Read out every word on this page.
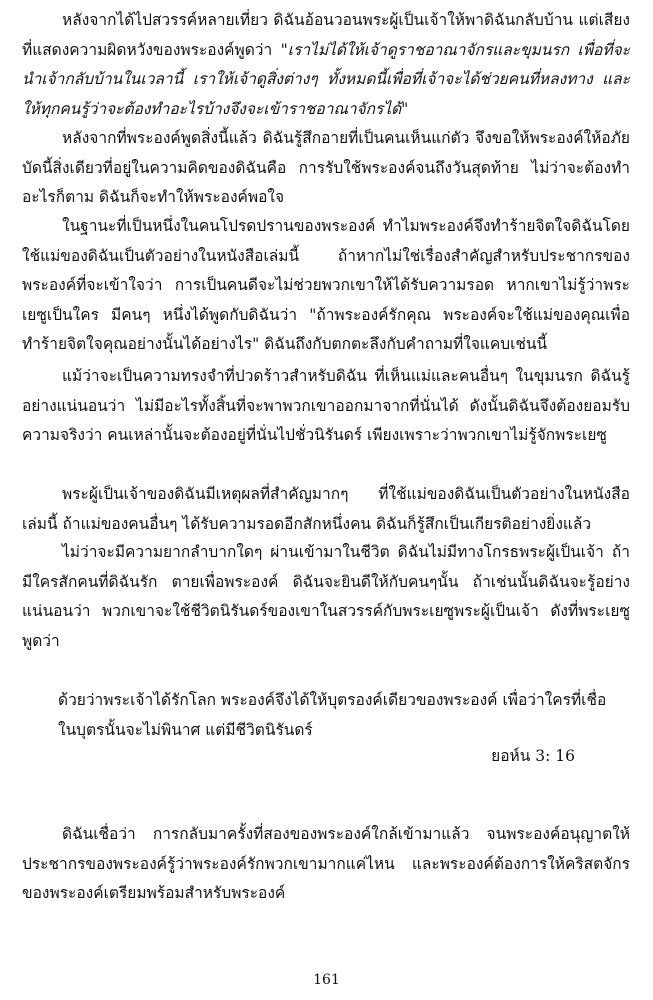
หลังจากได้ไปสวรรค์หลายเที่ยว ดิฉันอ้อนวอนพระผู้เป็นเจ้าให้พาดิฉันกลับบ้าน แต่เสียงที่แสดงความผิดหวังของพระองค์พูดว่า "เราไม่ได้ให้เจ้าดูราชอาณาจักรและขุมนรก เพื่อที่จะนำเจ้ากลับบ้านในเวลานี้ เราให้เจ้าดูสิ่งต่างๆ ทั้งหมดนี้เพื่อที่เจ้าจะได้ช่วยคนที่หลงทาง และให้ทุกคนรู้ว่าจะต้องทำอะไรบ้างจึงจะเข้าราชอาณาจักรได้"

หลังจากที่พระองค์พูดสิ่งนี้แล้ว ดิฉันรู้สึกอายที่เป็นคนเห็นแก่ตัว จึงขอให้พระองค์ให้อภัย บัดนี้สิ่งเดียวที่อยู่ในความคิดของดิฉันคือ การรับใช้พระองค์จนถึงวันสุดท้าย ไม่ว่าจะต้องทำอะไรก็ตาม ดิฉันก็จะทำให้พระองค์พอใจ

ในฐานะที่เป็นหนึ่งในคนโปรดปรานของพระองค์ ทำไมพระองค์จึงทำร้ายจิตใจดิฉันโดยใช้แม่ของดิฉันเป็นตัวอย่างในหนังสือเล่มนี้ ถ้าหากไม่ใช่เรื่องสำคัญสำหรับประชากรของพระองค์ที่จะเข้าใจว่า การเป็นคนดีจะไม่ช่วยพวกเขาให้ได้รับความรอด หากเขาไม่รู้ว่าพระเยซูเป็นใคร มีคนๆ หนึ่งได้พูดกับดิฉันว่า "ถ้าพระองค์รักคุณ พระองค์จะใช้แม่ของคุณเพื่อทำร้ายจิตใจคุณอย่างนั้นได้อย่างไร" ดิฉันถึงกับตกตะลึงกับคำถามที่ใจแคบเช่นนี้

แม้ว่าจะเป็นความทรงจำที่ปวดร้าวสำหรับดิฉัน ที่เห็นแม่และคนอื่นๆ ในขุมนรก ดิฉันรู้อย่างแน่นอนว่า ไม่มีอะไรทั้งสิ้นที่จะพาพวกเขาออกมาจากที่นั่นได้ ดังนั้นดิฉันจึงต้องยอมรับความจริงว่า คนเหล่านั้นจะต้องอยู่ที่นั่นไปชั่วนิรันดร์ เพียงเพราะว่าพวกเขาไม่รู้จักพระเยซู

พระผู้เป็นเจ้าของดิฉันมีเหตุผลที่สำคัญมากๆ ที่ใช้แม่ของดิฉันเป็นตัวอย่างในหนังสือเล่มนี้ ถ้าแม่ของคนอื่นๆ ได้รับความรอดอีกสักหนึ่งคน ดิฉันก็รู้สึกเป็นเกียรติอย่างยิ่งแล้ว

ไม่ว่าจะมีความยากลำบากใดๆ ผ่านเข้ามาในชีวิต ดิฉันไม่มีทางโกรธพระผู้เป็นเจ้า ถ้ามีใครสักคนที่ดิฉันรัก ตายเพื่อพระองค์ ดิฉันจะยินดีให้กับคนๆนั้น ถ้าเช่นนั้นดิฉันจะรู้อย่างแน่นอนว่า พวกเขาจะใช้ชีวิตนิรันดร์ของเขาในสวรรค์กับพระเยซูพระผู้เป็นเจ้า ดังที่พระเยซูพูดว่า

ด้วยว่าพระเจ้าได้รักโลก พระองค์จึงได้ให้บุตรองค์เดียวของพระองค์ เพื่อว่าใครที่เชื่อในบุตรนั้นจะไม่พินาศ แต่มีชีวิตนิรันดร์

ยอห์น 3: 16

ดิฉันเชื่อว่า การกลับมาครั้งที่สองของพระองค์ใกล้เข้ามาแล้ว จนพระองค์อนุญาตให้ประชากรของพระองค์รู้ว่าพระองค์รักพวกเขามากแค่ไหน และพระองค์ต้องการให้คริสตจักรของพระองค์เตรียมพร้อมสำหรับพระองค์

161
